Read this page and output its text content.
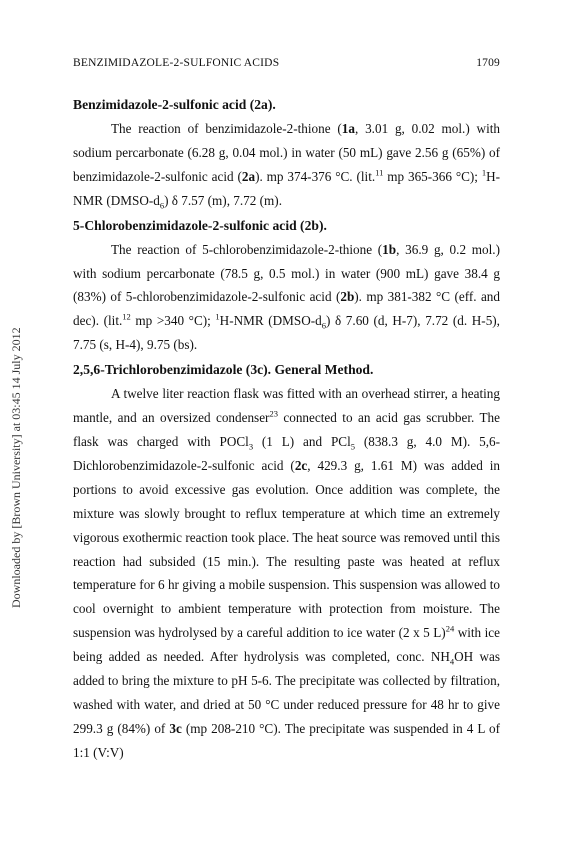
BENZIMIDAZOLE-2-SULFONIC ACIDS	1709
Downloaded by [Brown University] at 03:45 14 July 2012
Benzimidazole-2-sulfonic acid (2a).

The reaction of benzimidazole-2-thione (1a, 3.01 g, 0.02 mol.) with sodium percarbonate (6.28 g, 0.04 mol.) in water (50 mL) gave 2.56 g (65%) of benzimidazole-2-sulfonic acid (2a). mp 374-376 °C. (lit.$^{11}$ mp 365-366 °C); $^1$H-NMR $(DMSO-d_6)$ δ 7.57 (m), 7.72 (m).

5-Chlorobenzimidazole-2-sulfonic acid (2b).

The reaction of 5-chlorobenzimidazole-2-thione (1b, 36.9 g, 0.2 mol.) with sodium percarbonate (78.5 g, 0.5 mol.) in water (900 mL) gave 38.4 g (83%) of 5-chlorobenzimidazole-2-sulfonic acid (2b). mp 381-382 °C (eff. and dec). (lit.$^{12}$ mp >340 °C); $^1$H-NMR $(DMSO-d_6)$ δ 7.60 (d, H-7), 7.72 (d. H-5), 7.75 (s, H-4), 9.75 (bs).

2,5,6-Trichlorobenzimidazole (3c). General Method.

A twelve liter reaction flask was fitted with an overhead stirrer, a heating mantle, and an oversized condenser$^{23}$ connected to an acid gas scrubber. The flask was charged with POCl$_3$ (1 L) and PCl$_5$ (838.3 g, 4.0 M). 5,6-Dichlorobenzimidazole-2-sulfonic acid (2c, 429.3 g, 1.61 M) was added in portions to avoid excessive gas evolution. Once addition was complete, the mixture was slowly brought to reflux temperature at which time an extremely vigorous exothermic reaction took place. The heat source was removed until this reaction had subsided (15 min.). The resulting paste was heated at reflux temperature for 6 hr giving a mobile suspension. This suspension was allowed to cool overnight to ambient temperature with protection from moisture. The suspension was hydrolysed by a careful addition to ice water (2 x 5 L)$^{24}$ with ice being added as needed. After hydrolysis was completed, conc. $NH_4OH$ was added to bring the mixture to pH 5-6. The precipitate was collected by filtration, washed with water, and dried at 50 °C under reduced pressure for 48 hr to give 299.3 g (84%) of 3c (mp 208-210 °C). The precipitate was suspended in 4 L of 1:1 (V:V)
